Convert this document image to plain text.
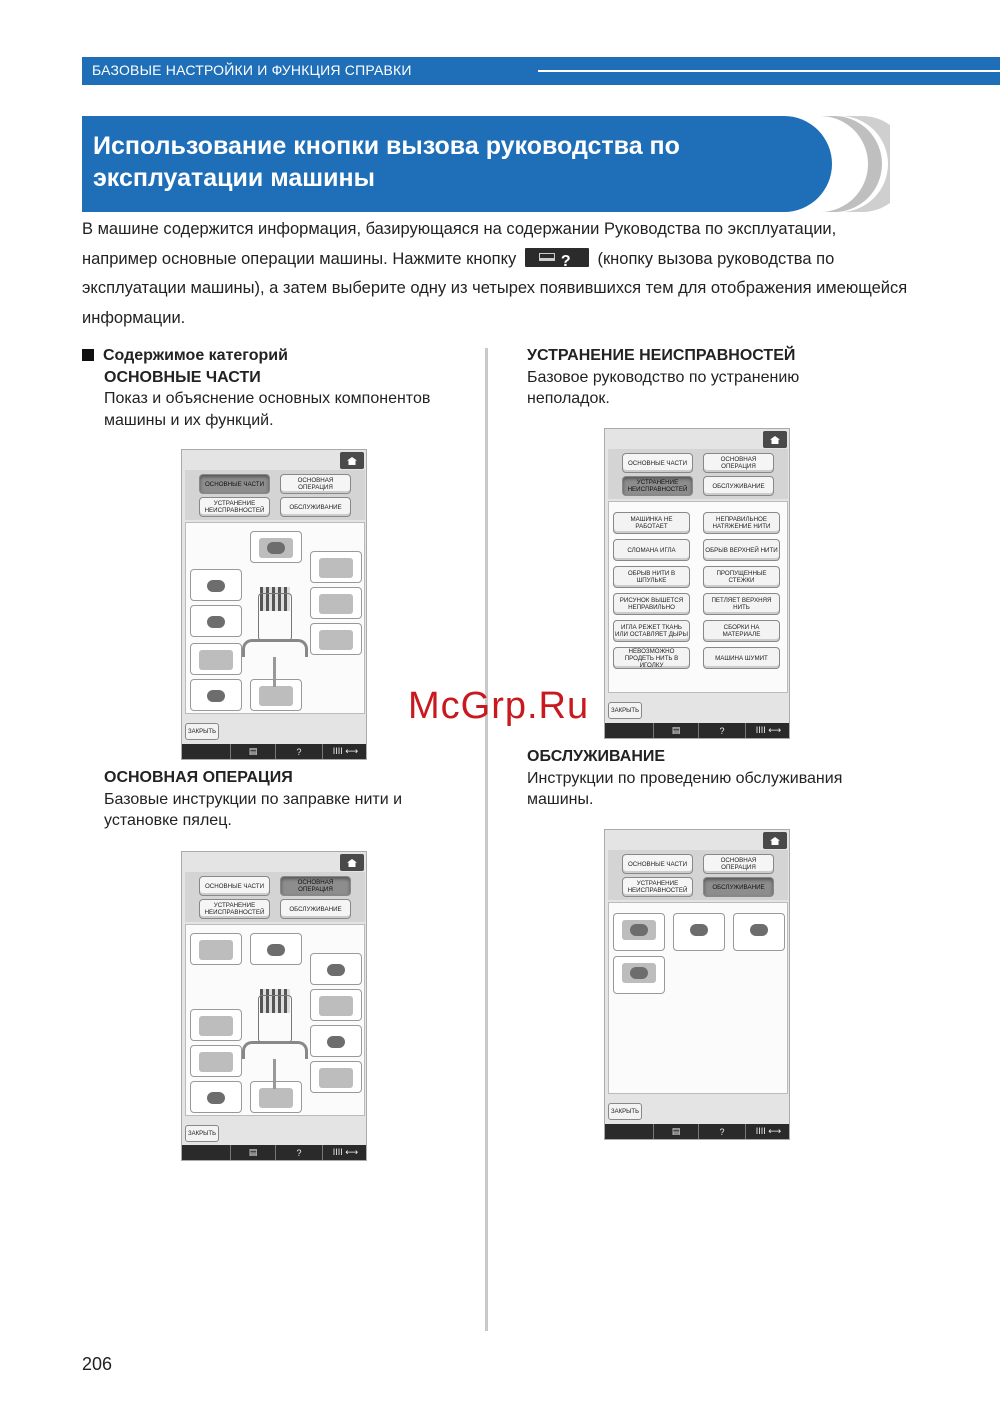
БАЗОВЫЕ НАСТРОЙКИ И ФУНКЦИЯ СПРАВКИ
Использование кнопки вызова руководства по эксплуатации машины
В машине содержится информация, базирующаяся на содержании Руководства по эксплуатации, например основные операции машины. Нажмите кнопку	? (кнопку вызова руководства по эксплуатации машины), а затем выберите одну из четырех появившихся тем для отображения имеющейся информации.
Содержимое категорий
ОСНОВНЫЕ ЧАСТИ
Показ и объяснение основных компонентов машины и их функций.
ОСНОВНАЯ ОПЕРАЦИЯ
Базовые инструкции по заправке нити и установке пялец.
УСТРАНЕНИЕ НЕИСПРАВНОСТЕЙ
Базовое руководство по устранению неполадок.
ОБСЛУЖИВАНИЕ
Инструкции по проведению обслуживания машины.
ОСНОВНЫЕ ЧАСТИ	ОСНОВНАЯ ОПЕРАЦИЯ
УСТРАНЕНИЕ НЕИСПРАВНОСТЕЙ	ОБСЛУЖИВАНИЕ
ЗАКРЫТЬ
▤	?	IIII ⟷
ОСНОВНЫЕ ЧАСТИ	ОСНОВНАЯ ОПЕРАЦИЯ
УСТРАНЕНИЕ НЕИСПРАВНОСТЕЙ	ОБСЛУЖИВАНИЕ
ЗАКРЫТЬ
▤	?	IIII ⟷
ОСНОВНЫЕ ЧАСТИ	ОСНОВНАЯ ОПЕРАЦИЯ
УСТРАНЕНИЕ НЕИСПРАВНОСТЕЙ	ОБСЛУЖИВАНИЕ
МАШИНКА НЕ РАБОТАЕТ
НЕПРАВИЛЬНОЕ НАТЯЖЕНИЕ НИТИ
СЛОМАНА ИГЛА	ОБРЫВ ВЕРХНЕЙ НИТИ
ОБРЫВ НИТИ В ШПУЛЬКЕ
ПРОПУЩЕННЫЕ СТЕЖКИ
РИСУНОК ВЫШЕТСЯ НЕПРАВИЛЬНО
ПЕТЛЯЕТ ВЕРХНЯЯ НИТЬ
ИГЛА РЕЖЕТ ТКАНЬ ИЛИ ОСТАВЛЯЕТ ДЫРЫ
СБОРКИ НА МАТЕРИАЛЕ
НЕВОЗМОЖНО ПРОДЕТЬ НИТЬ В ИГОЛКУ
МАШИНА ШУМИТ
ЗАКРЫТЬ
▤	?	IIII ⟷
ОСНОВНЫЕ ЧАСТИ	ОСНОВНАЯ ОПЕРАЦИЯ
УСТРАНЕНИЕ НЕИСПРАВНОСТЕЙ	ОБСЛУЖИВАНИЕ
ЗАКРЫТЬ
▤	?	IIII ⟷
McGrp.Ru
206
